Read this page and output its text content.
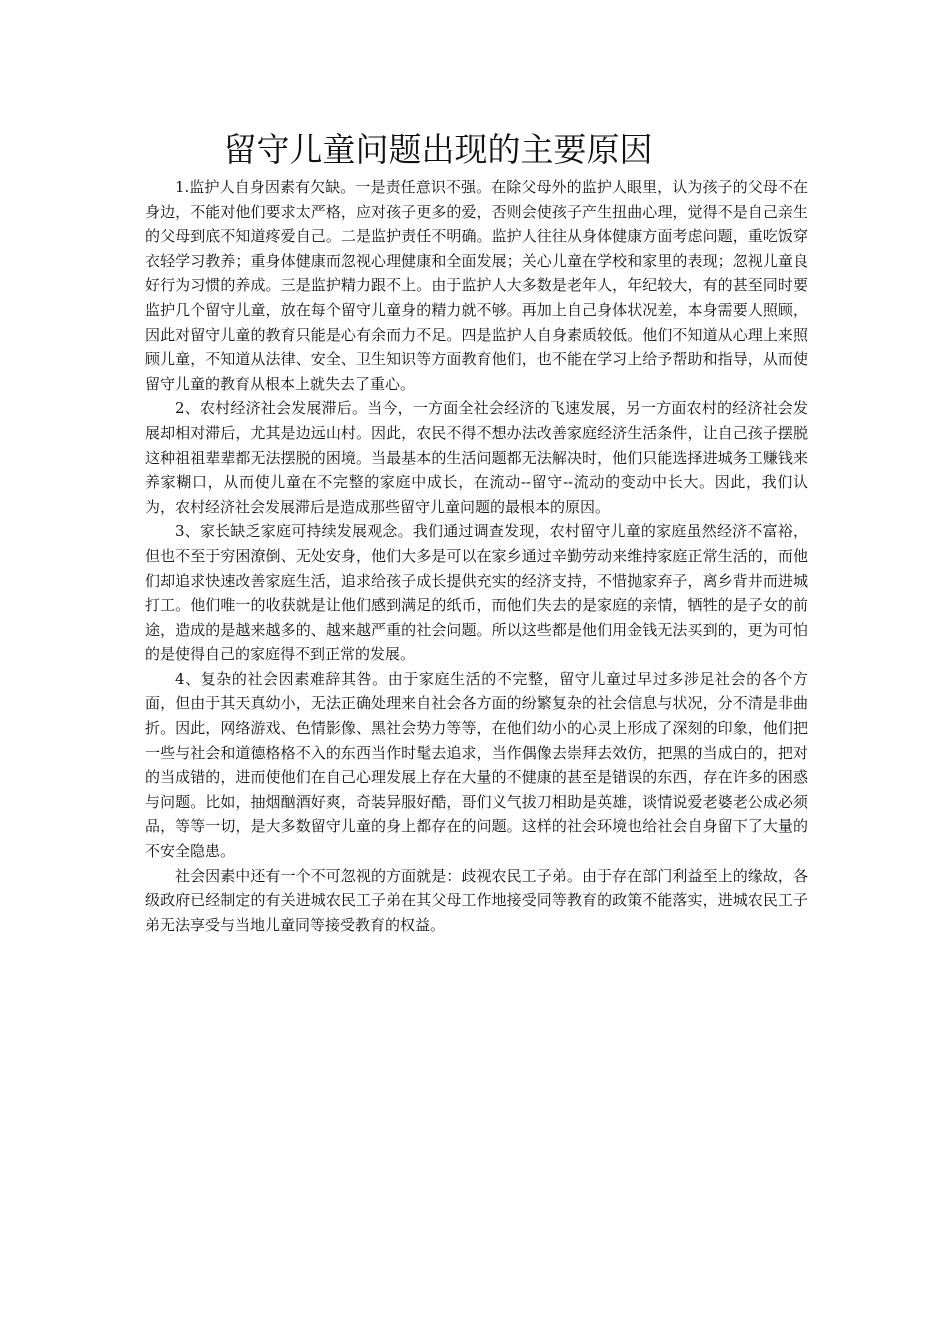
留守儿童问题出现的主要原因

1.监护人自身因素有欠缺。一是责任意识不强。在除父母外的监护人眼里，认为孩子的父母不在身边，不能对他们要求太严格，应对孩子更多的爱，否则会使孩子产生扭曲心理，觉得不是自己亲生的父母到底不知道疼爱自己。二是监护责任不明确。监护人往往从身体健康方面考虑问题，重吃饭穿衣轻学习教养；重身体健康而忽视心理健康和全面发展；关心儿童在学校和家里的表现；忽视儿童良好行为习惯的养成。三是监护精力跟不上。由于监护人大多数是老年人，年纪较大，有的甚至同时要监护几个留守儿童，放在每个留守儿童身的精力就不够。再加上自己身体状况差，本身需要人照顾，因此对留守儿童的教育只能是心有余而力不足。四是监护人自身素质较低。他们不知道从心理上来照顾儿童，不知道从法律、安全、卫生知识等方面教育他们，也不能在学习上给予帮助和指导，从而使留守儿童的教育从根本上就失去了重心。

2、农村经济社会发展滞后。当今，一方面全社会经济的飞速发展，另一方面农村的经济社会发展却相对滞后，尤其是边远山村。因此，农民不得不想办法改善家庭经济生活条件，让自己孩子摆脱这种祖祖辈辈都无法摆脱的困境。当最基本的生活问题都无法解决时，他们只能选择进城务工赚钱来养家糊口，从而使儿童在不完整的家庭中成长，在流动--留守--流动的变动中长大。因此，我们认为，农村经济社会发展滞后是造成那些留守儿童问题的最根本的原因。

3、家长缺乏家庭可持续发展观念。我们通过调查发现，农村留守儿童的家庭虽然经济不富裕，但也不至于穷困潦倒、无处安身，他们大多是可以在家乡通过辛勤劳动来维持家庭正常生活的，而他们却追求快速改善家庭生活，追求给孩子成长提供充实的经济支持，不惜抛家弃子，离乡背井而进城打工。他们唯一的收获就是让他们感到满足的纸币，而他们失去的是家庭的亲情，牺牲的是子女的前途，造成的是越来越多的、越来越严重的社会问题。所以这些都是他们用金钱无法买到的，更为可怕的是使得自己的家庭得不到正常的发展。

4、复杂的社会因素难辞其咎。由于家庭生活的不完整，留守儿童过早过多涉足社会的各个方面，但由于其天真幼小，无法正确处理来自社会各方面的纷繁复杂的社会信息与状况，分不清是非曲折。因此，网络游戏、色情影像、黑社会势力等等，在他们幼小的心灵上形成了深刻的印象，他们把一些与社会和道德格格不入的东西当作时髦去追求，当作偶像去崇拜去效仿，把黑的当成白的，把对的当成错的，进而使他们在自己心理发展上存在大量的不健康的甚至是错误的东西，存在许多的困惑与问题。比如，抽烟酗酒好爽，奇装异服好酷，哥们义气拔刀相助是英雄，谈情说爱老婆老公成必须品，等等一切，是大多数留守儿童的身上都存在的问题。这样的社会环境也给社会自身留下了大量的不安全隐患。

社会因素中还有一个不可忽视的方面就是：歧视农民工子弟。由于存在部门利益至上的缘故，各级政府已经制定的有关进城农民工子弟在其父母工作地接受同等教育的政策不能落实，进城农民工子弟无法享受与当地儿童同等接受教育的权益。
